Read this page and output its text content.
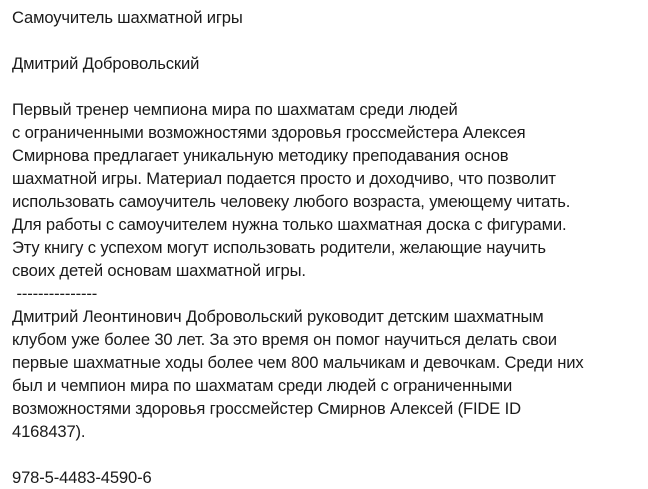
Самоучитель шахматной игры
Дмитрий Добровольский
Первый тренер чемпиона мира по шахматам среди людей
с ограниченными возможностями здоровья гроссмейстера Алексея
Смирнова предлагает уникальную методику преподавания основ
шахматной игры. Материал подается просто и доходчиво, что позволит
использовать самоучитель человеку любого возраста, умеющему читать.
Для работы с самоучителем нужна только шахматная доска с фигурами.
Эту книгу с успехом могут использовать родители, желающие научить
своих детей основам шахматной игры.
---------------
Дмитрий Леонтинович Добровольский руководит детским шахматным
клубом уже более 30 лет. За это время он помог научиться делать свои
первые шахматные ходы более чем 800 мальчикам и девочкам. Среди них
был и чемпион мира по шахматам среди людей с ограниченными
возможностями здоровья гроссмейстер Смирнов Алексей (FIDE ID
4168437).
978-5-4483-4590-6
